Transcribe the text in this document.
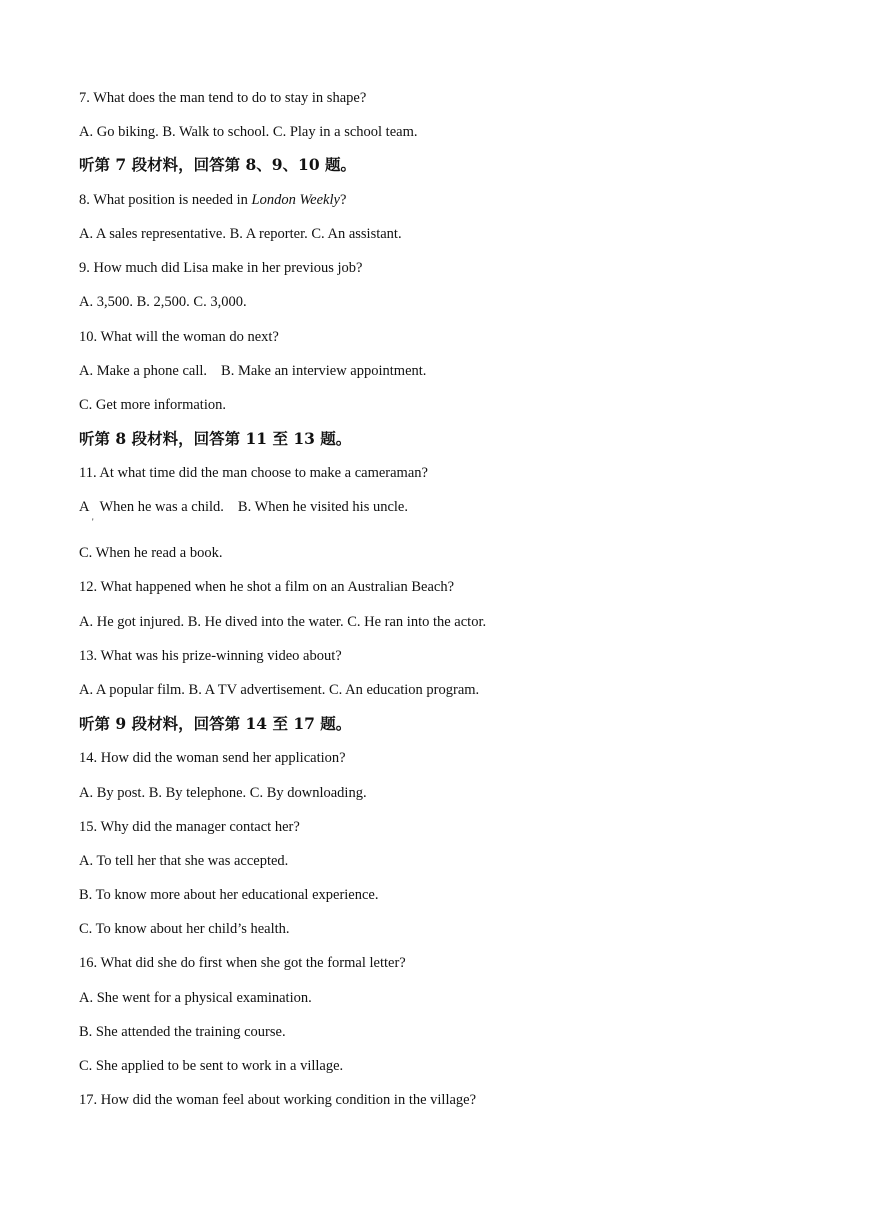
7. What does the man tend to do to stay in shape?
A. Go biking. B. Walk to school. C. Play in a school team.
听第 7 段材料，回答第 8、9、10 题。
8. What position is needed in London Weekly?
A. A sales representative. B. A reporter. C. An assistant.
9. How much did Lisa make in her previous job?
A. 3,500. B. 2,500. C. 3,000.
10. What will the woman do next?
A. Make a phone call. B. Make an interview appointment.
C. Get more information.
听第 8 段材料，回答第 11 至 13 题。
11. At what time did the man choose to make a cameraman?
A When he was a child. B. When he visited his uncle.
'
C. When he read a book.
12. What happened when he shot a film on an Australian Beach?
A. He got injured. B. He dived into the water. C. He ran into the actor.
13. What was his prize-winning video about?
A. A popular film. B. A TV advertisement. C. An education program.
听第 9 段材料，回答第 14 至 17 题。
14. How did the woman send her application?
A. By post. B. By telephone. C. By downloading.
15. Why did the manager contact her?
A. To tell her that she was accepted.
B. To know more about her educational experience.
C. To know about her child’s health.
16. What did she do first when she got the formal letter?
A. She went for a physical examination.
B. She attended the training course.
C. She applied to be sent to work in a village.
17. How did the woman feel about working condition in the village?
